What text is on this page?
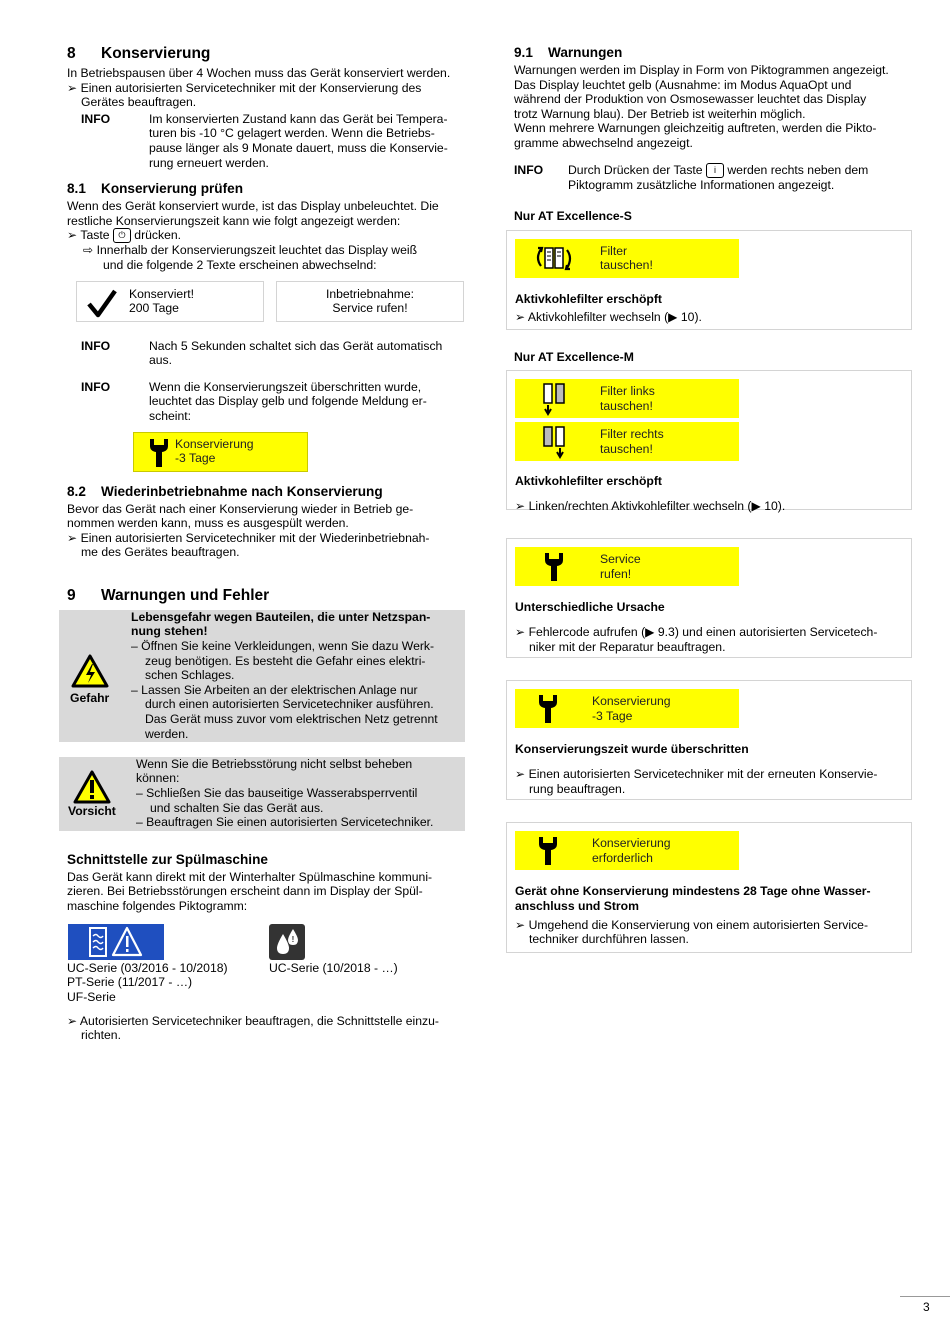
8 Konservierung

In Betriebspausen über 4 Wochen muss das Gerät konserviert werden.

➢ Einen autorisierten Servicetechniker mit der Konservierung des Gerätes beauftragen.

INFO	Im konservierten Zustand kann das Gerät bei Tempera-
turen bis -10 °C gelagert werden. Wenn die Betriebs-
pause länger als 9 Monate dauert, muss die Konservie-
rung erneuert werden.
8.1 Konservierung prüfen
Wenn des Gerät konserviert wurde, ist das Display unbeleuchtet. Die
restliche Konservierungszeit kann wie folgt angezeigt werden:
➢ Taste ⏻ drücken.
⇨ Innerhalb der Konservierungszeit leuchtet das Display weiß
und die folgende 2 Texte erscheinen abwechselnd:
Konserviert!
200 Tage
Inbetriebnahme:
Service rufen!
INFO	Nach 5 Sekunden schaltet sich das Gerät automatisch
aus.
INFO	Wenn die Konservierungszeit überschritten wurde,
leuchtet das Display gelb und folgende Meldung er-
scheint:
Konservierung
-3 Tage
8.2 Wiederinbetriebnahme nach Konservierung
Bevor das Gerät nach einer Konservierung wieder in Betrieb ge-
nommen werden kann, muss es ausgespült werden.
➢ Einen autorisierten Servicetechniker mit der Wiederinbetriebnah-
me des Gerätes beauftragen.
9 Warnungen und Fehler
Gefahr
Lebensgefahr wegen Bauteilen, die unter Netzspan-
nung stehen!
– Öffnen Sie keine Verkleidungen, wenn Sie dazu Werk-
zeug benötigen. Es besteht die Gefahr eines elektri-
schen Schlages.
– Lassen Sie Arbeiten an der elektrischen Anlage nur
durch einen autorisierten Servicetechniker ausführen.
Das Gerät muss zuvor vom elektrischen Netz getrennt
werden.
Vorsicht
Wenn Sie die Betriebsstörung nicht selbst beheben
können:
– Schließen Sie das bauseitige Wasserabsperrventil
und schalten Sie das Gerät aus.
– Beauftragen Sie einen autorisierten Servicetechniker.
Schnittstelle zur Spülmaschine
Das Gerät kann direkt mit der Winterhalter Spülmaschine kommuni-
zieren. Bei Betriebsstörungen erscheint dann im Display der Spül-
maschine folgendes Piktogramm:
!
UC-Serie (03/2016 - 10/2018)
PT-Serie (11/2017 - …)
UF-Serie
UC-Serie (10/2018 - …)
➢ Autorisierten Servicetechniker beauftragen, die Schnittstelle einzu-
richten.
9.1 Warnungen
Warnungen werden im Display in Form von Piktogrammen angezeigt.
Das Display leuchtet gelb (Ausnahme: im Modus AquaOpt und
während der Produktion von Osmosewasser leuchtet das Display
trotz Warnung blau). Der Betrieb ist weiterhin möglich.
Wenn mehrere Warnungen gleichzeitig auftreten, werden die Pikto-
gramme abwechselnd angezeigt.
INFO	Durch Drücken der Taste i werden rechts neben dem
Piktogramm zusätzliche Informationen angezeigt.
Nur AT Excellence-S
Filter
tauschen!
Aktivkohlefilter erschöpft
➢ Aktivkohlefilter wechseln (▶ 10).
Nur AT Excellence-M
Filter links
tauschen!
Filter rechts
tauschen!
Aktivkohlefilter erschöpft
➢ Linken/rechten Aktivkohlefilter wechseln (▶ 10).
Service
rufen!
Unterschiedliche Ursache
➢ Fehlercode aufrufen (▶ 9.3) und einen autorisierten Servicetech-
niker mit der Reparatur beauftragen.
Konservierung
-3 Tage
Konservierungszeit wurde überschritten
➢ Einen autorisierten Servicetechniker mit der erneuten Konservie-
rung beauftragen.
Konservierung
erforderlich
Gerät ohne Konservierung mindestens 28 Tage ohne Wasser-
anschluss und Strom
➢ Umgehend die Konservierung von einem autorisierten Service-
techniker durchführen lassen.
3
